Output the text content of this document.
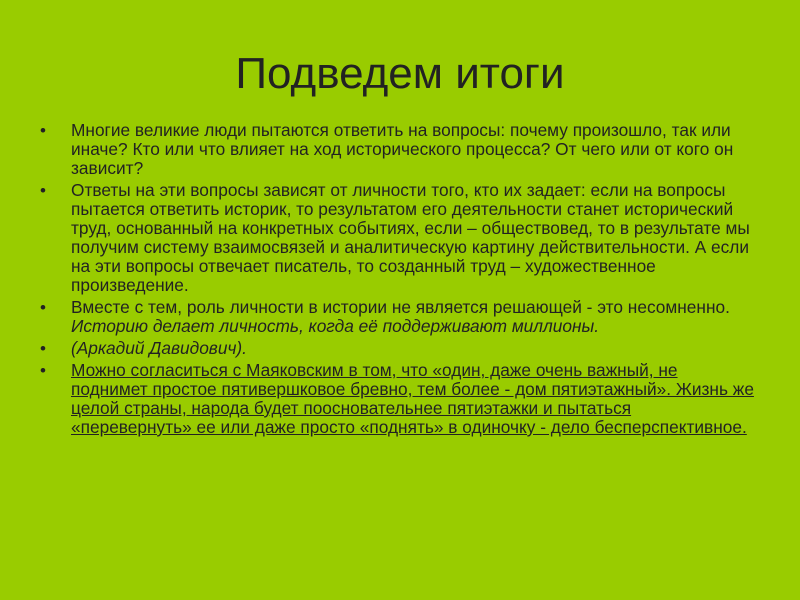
Подведем итоги
•	Многие великие люди пытаются ответить на вопросы: почему произошло, так или иначе? Кто или что влияет на ход исторического процесса? От чего или от кого он зависит?
•	Ответы на эти вопросы зависят от личности того, кто их задает: если на вопросы пытается ответить историк, то результатом его деятельности станет исторический труд, основанный на конкретных событиях, если – обществовед, то в результате мы получим систему взаимосвязей и аналитическую картину действительности. А если на эти вопросы отвечает писатель, то созданный труд – художественное произведение.
•	Вместе с тем, роль личности в истории не является решающей - это несомненно. Историю делает личность, когда её поддерживают миллионы.
•	(Аркадий Давидович).
•	Можно согласиться с Маяковским в том, что «один, даже очень важный, не поднимет простое пятивершковое бревно, тем более - дом пятиэтажный». Жизнь же целой страны, народа будет поосновательнее пятиэтажки и пытаться «перевернуть» ее или даже просто «поднять» в одиночку - дело бесперспективное.
